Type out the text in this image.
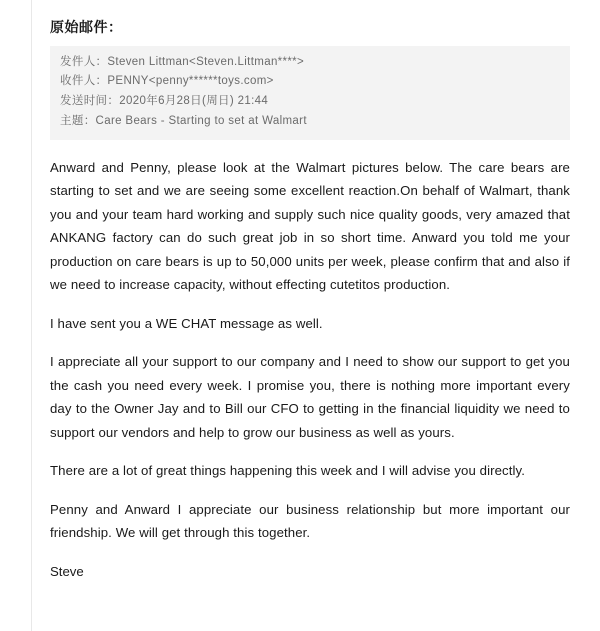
原始邮件：
发件人：Steven Littman<Steven.Littman****>
收件人：PENNY<penny******toys.com>
发送时间：2020年6月28日(周日) 21:44
主题：Care Bears - Starting to set at Walmart

Anward and Penny, please look at the Walmart pictures below. The care bears are starting to set and we are seeing some excellent reaction.On behalf of Walmart, thank you and your team hard working and supply such nice quality goods, very amazed that ANKANG factory can do such great job in so short time. Anward you told me your production on care bears is up to 50,000 units per week, please confirm that and also if we need to increase capacity, without effecting cutetitos production.

I have sent you a WE CHAT message as well.

I appreciate all your support to our company and I need to show our support to get you the cash you need every week. I promise you, there is nothing more important every day to the Owner Jay and to Bill our CFO to getting in the financial liquidity we need to support our vendors and help to grow our business as well as yours.

There are a lot of great things happening this week and I will advise you directly.

Penny and Anward I appreciate our business relationship but more important our friendship. We will get through this together.

Steve
